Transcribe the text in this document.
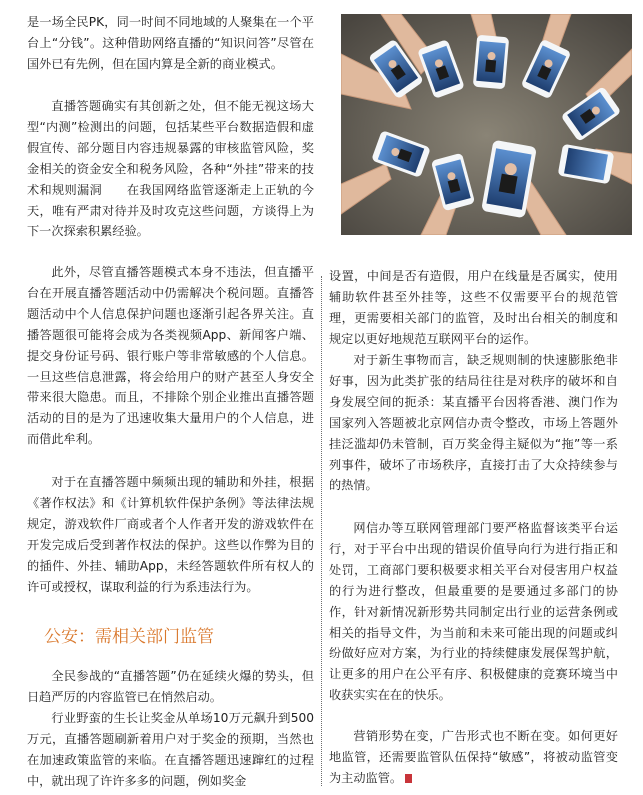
是一场全民PK，同一时间不同地域的人聚集在一个平台上“分钱”。这种借助网络直播的“知识问答”尽管在国外已有先例，但在国内算是全新的商业模式。

直播答题确实有其创新之处，但不能无视这场大型“内测”检测出的问题，包括某些平台数据造假和虚假宣传、部分题目内容违规暴露的审核监管风险，奖金相关的资金安全和税务风险，各种“外挂”带来的技术和规则漏洞　　在我国网络监管逐渐走上正轨的今天，唯有严肃对待并及时攻克这些问题，方谈得上为下一次探索积累经验。

此外，尽管直播答题模式本身不违法，但直播平台在开展直播答题活动中仍需解决个税问题。直播答题活动中个人信息保护问题也逐渐引起各界关注。直播答题很可能将会成为各类视频App、新闻客户端、提交身份证号码、银行账户等非常敏感的个人信息。一旦这些信息泄露，将会给用户的财产甚至人身安全带来很大隐患。而且，不排除个别企业推出直播答题活动的目的是为了迅速收集大量用户的个人信息，进而借此牟利。

对于在直播答题中频频出现的辅助和外挂，根据《著作权法》和《计算机软件保护条例》等法律法规规定，游戏软件厂商或者个人作者开发的游戏软件在开发完成后受到著作权法的保护。这些以作弊为目的的插件、外挂、辅助App，未经答题软件所有权人的许可或授权，谋取利益的行为系违法行为。

公安：需相关部门监管

全民参战的“直播答题”仍在延续火爆的势头，但日趋严厉的内容监管已在悄然启动。

行业野蛮的生长让奖金从单场10万元飙升到500万元，直播答题刷新着用户对于奖金的预期，当然也在加速政策监管的来临。在直播答题迅速蹿红的过程中，就出现了许许多多的问题，例如奖金

设置，中间是否有造假，用户在线量是否属实，使用辅助软件甚至外挂等，这些不仅需要平台的规范管理，更需要相关部门的监管，及时出台相关的制度和规定以更好地规范互联网平台的运作。

对于新生事物而言，缺乏规则制的快速膨胀绝非好事，因为此类扩张的结局往往是对秩序的破坏和自身发展空间的扼杀：某直播平台因将香港、澳门作为国家列入答题被北京网信办责令整改，市场上答题外挂泛滥却仍未管制，百万奖金得主疑似为“拖”等一系列事件，破坏了市场秩序，直接打击了大众持续参与的热情。

网信办等互联网管理部门要严格监督该类平台运行，对于平台中出现的错误价值导向行为进行指正和处罚，工商部门要积极要求相关平台对侵害用户权益的行为进行整改，但最重要的是要通过多部门的协作，针对新情况新形势共同制定出行业的运营条例或相关的指导文件，为当前和未来可能出现的问题或纠纷做好应对方案，为行业的持续健康发展保驾护航，让更多的用户在公平有序、积极健康的竞赛环境当中收获实实在在的快乐。

营销形势在变，广告形式也不断在变。如何更好地监管，还需要监管队伍保持“敏感”，将被动监管变为主动监管。
